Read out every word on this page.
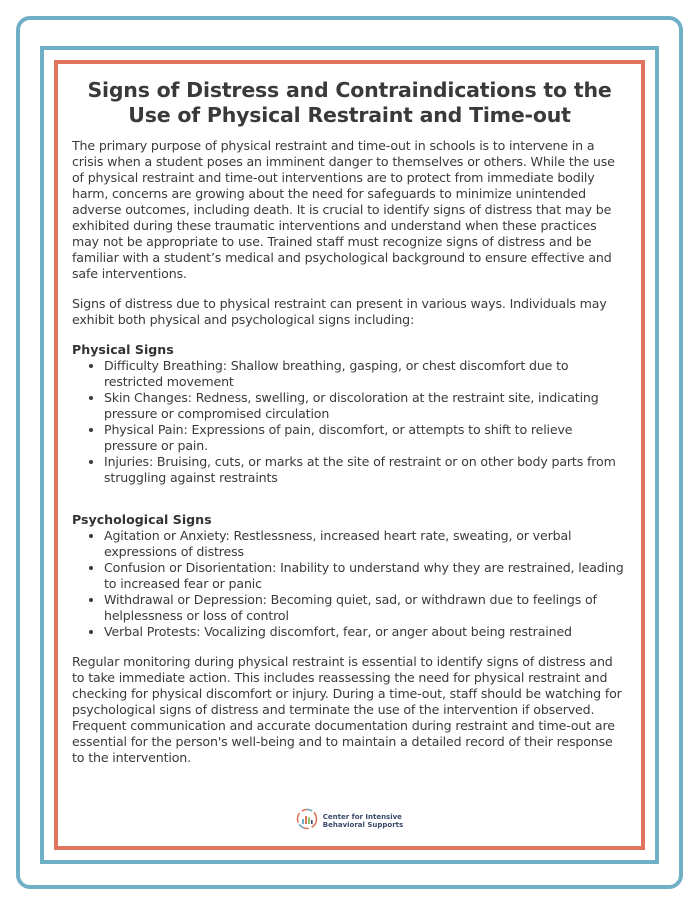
Signs of Distress and Contraindications to the Use of Physical Restraint and Time-out

The primary purpose of physical restraint and time-out in schools is to intervene in a crisis when a student poses an imminent danger to themselves or others. While the use of physical restraint and time-out interventions are to protect from immediate bodily harm, concerns are growing about the need for safeguards to minimize unintended adverse outcomes, including death. It is crucial to identify signs of distress that may be exhibited during these traumatic interventions and understand when these practices may not be appropriate to use. Trained staff must recognize signs of distress and be familiar with a student’s medical and psychological background to ensure effective and safe interventions.

Signs of distress due to physical restraint can present in various ways. Individuals may exhibit both physical and psychological signs including:

Physical Signs
• Difficulty Breathing: Shallow breathing, gasping, or chest discomfort due to restricted movement
• Skin Changes: Redness, swelling, or discoloration at the restraint site, indicating pressure or compromised circulation
• Physical Pain: Expressions of pain, discomfort, or attempts to shift to relieve pressure or pain.
• Injuries: Bruising, cuts, or marks at the site of restraint or on other body parts from struggling against restraints
Psychological Signs
• Agitation or Anxiety: Restlessness, increased heart rate, sweating, or verbal expressions of distress
• Confusion or Disorientation: Inability to understand why they are restrained, leading to increased fear or panic
• Withdrawal or Depression: Becoming quiet, sad, or withdrawn due to feelings of helplessness or loss of control
• Verbal Protests: Vocalizing discomfort, fear, or anger about being restrained

Regular monitoring during physical restraint is essential to identify signs of distress and to take immediate action. This includes reassessing the need for physical restraint and checking for physical discomfort or injury. During a time-out, staff should be watching for psychological signs of distress and terminate the use of the intervention if observed. Frequent communication and accurate documentation during restraint and time-out are essential for the person's well-being and to maintain a detailed record of their response to the intervention.

Center for Intensive
Behavioral Supports
